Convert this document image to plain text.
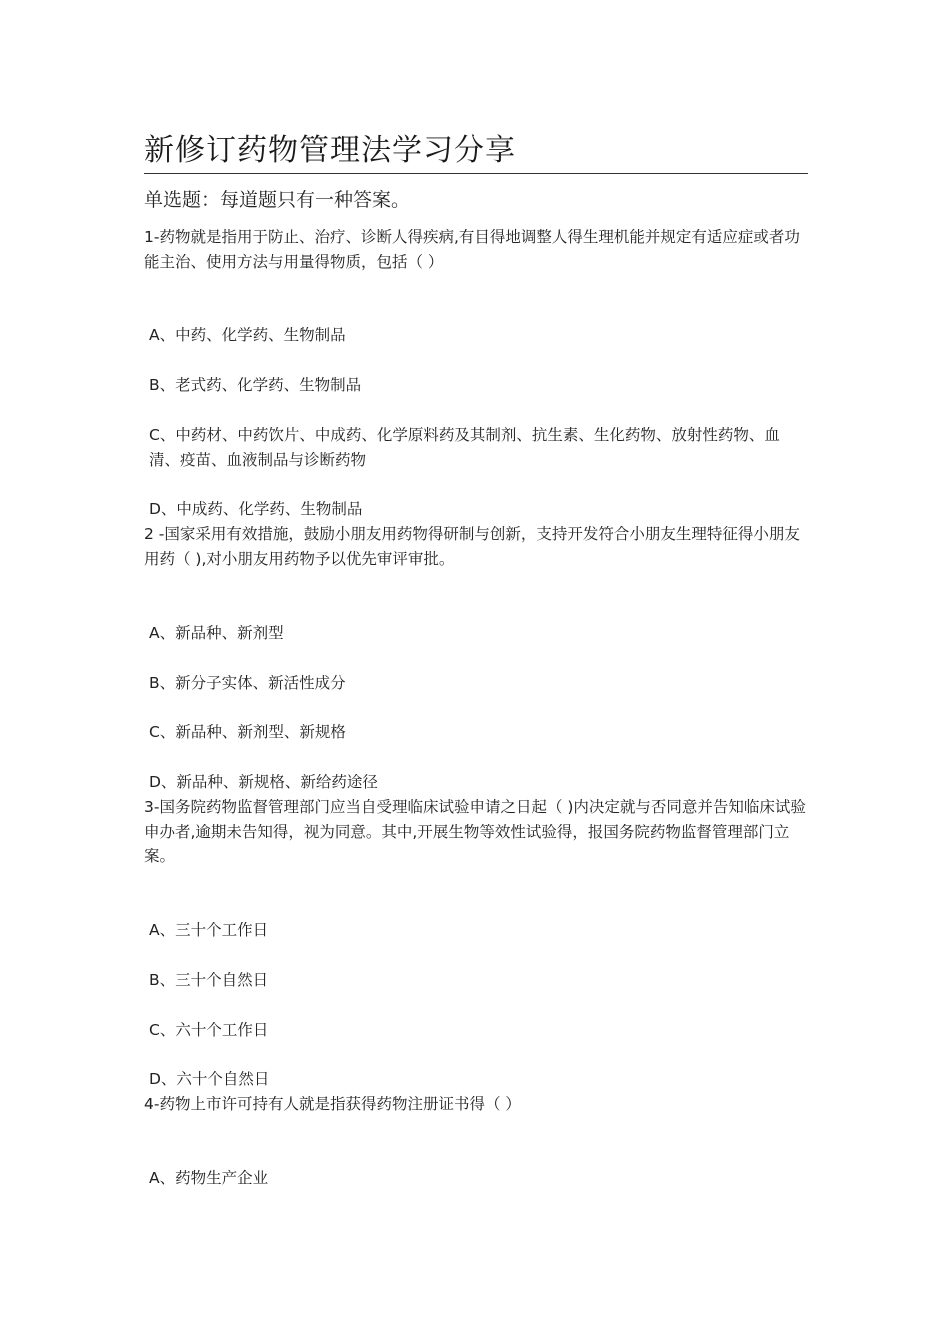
新修订药物管理法学习分享
单选题：每道题只有一种答案。
1-药物就是指用于防止、治疗、诊断人得疾病,有目得地调整人得生理机能并规定有适应症或者功能主治、使用方法与用量得物质，包括（ ）
A、中药、化学药、生物制品
B、老式药、化学药、生物制品
C、中药材、中药饮片、中成药、化学原料药及其制剂、抗生素、生化药物、放射性药物、血清、疫苗、血液制品与诊断药物
D、中成药、化学药、生物制品
2 -国家采用有效措施，鼓励小朋友用药物得研制与创新，支持开发符合小朋友生理特征得小朋友用药（ ),对小朋友用药物予以优先审评审批。
A、新品种、新剂型
B、新分子实体、新活性成分
C、新品种、新剂型、新规格
D、新品种、新规格、新给药途径
3-国务院药物监督管理部门应当自受理临床试验申请之日起（ )内决定就与否同意并告知临床试验申办者,逾期未告知得，视为同意。其中,开展生物等效性试验得，报国务院药物监督管理部门立案。
A、三十个工作日
B、三十个自然日
C、六十个工作日
D、六十个自然日
4-药物上市许可持有人就是指获得药物注册证书得（ ）
A、药物生产企业
